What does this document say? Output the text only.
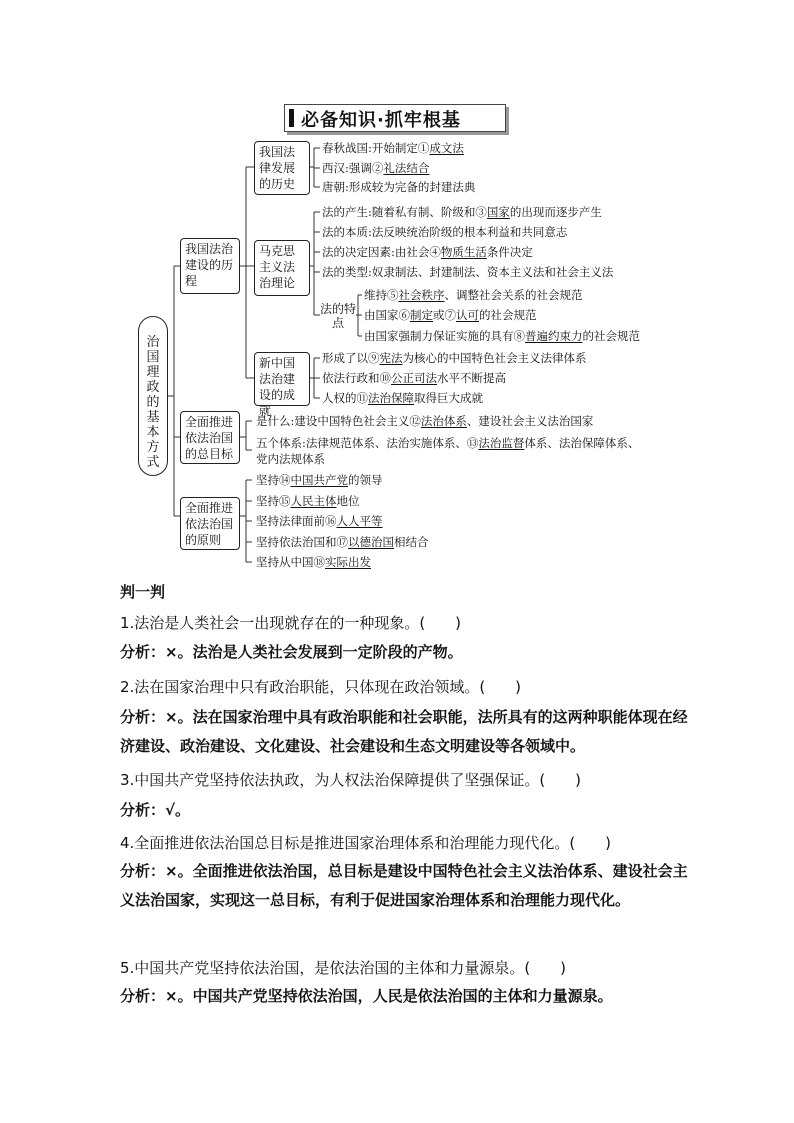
必备知识·抓牢根基
治国理政的基本方式
我国法治建设的历程
全面推进依法治国的总目标
全面推进依法治国的原则
我国法律发展的历史
马克思主义法治理论
新中国法治建设的成就
春秋战国:开始制定①成文法
西汉:强调②礼法结合
唐朝:形成较为完备的封建法典
法的产生:随着私有制、阶级和③国家的出现而逐步产生
法的本质:法反映统治阶级的根本利益和共同意志
法的决定因素:由社会④物质生活条件决定
法的类型:奴隶制法、封建制法、资本主义法和社会主义法
法的特点
维持⑤社会秩序、调整社会关系的社会规范
由国家⑥制定或⑦认可的社会规范
由国家强制力保证实施的具有⑧普遍约束力的社会规范
形成了以⑨宪法为核心的中国特色社会主义法律体系
依法行政和⑩公正司法水平不断提高
人权的⑪法治保障取得巨大成就
是什么:建设中国特色社会主义⑫法治体系、建设社会主义法治国家
五个体系:法律规范体系、法治实施体系、⑬法治监督体系、法治保障体系、
党内法规体系
坚持⑭中国共产党的领导
坚持⑮人民主体地位
坚持法律面前⑯人人平等
坚持依法治国和⑰以德治国相结合
坚持从中国⑱实际出发
判一判
1.法治是人类社会一出现就存在的一种现象。(　　)
分析：×。法治是人类社会发展到一定阶段的产物。
2.法在国家治理中只有政治职能，只体现在政治领域。(　　)
分析：×。法在国家治理中具有政治职能和社会职能，法所具有的这两种职能体现在经济建设、政治建设、文化建设、社会建设和生态文明建设等各领域中。
3.中国共产党坚持依法执政，为人权法治保障提供了坚强保证。(　　)
分析：√。
4.全面推进依法治国总目标是推进国家治理体系和治理能力现代化。(　　)
分析：×。全面推进依法治国，总目标是建设中国特色社会主义法治体系、建设社会主义法治国家，实现这一总目标，有利于促进国家治理体系和治理能力现代化。
5.中国共产党坚持依法治国，是依法治国的主体和力量源泉。(　　)
分析：×。中国共产党坚持依法治国，人民是依法治国的主体和力量源泉。
